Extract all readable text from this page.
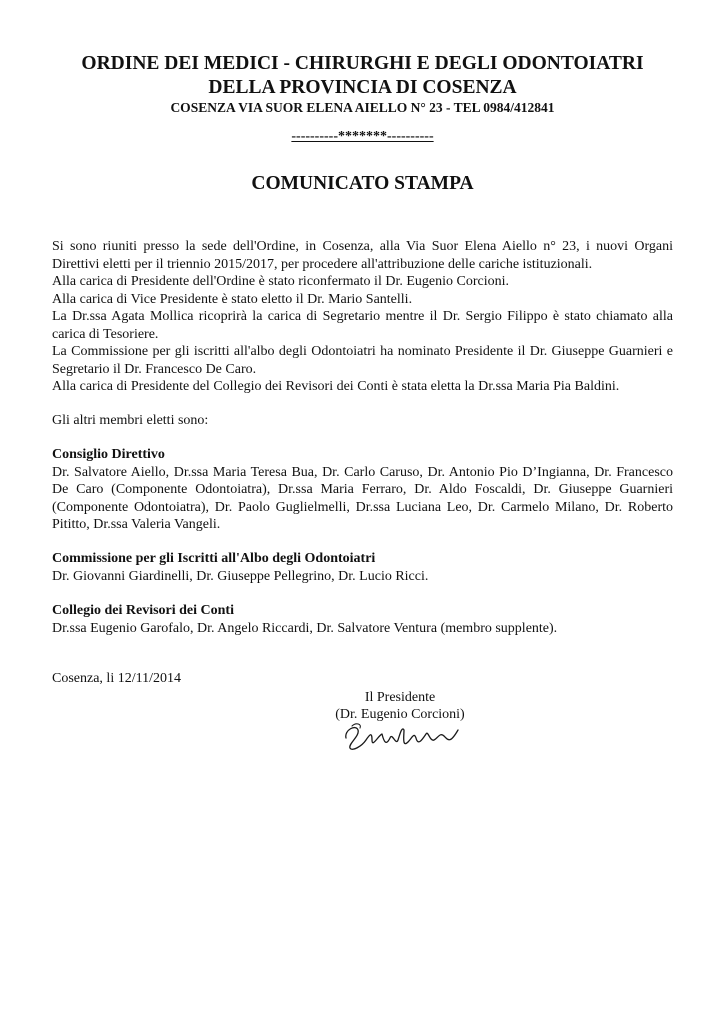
ORDINE DEI MEDICI - CHIRURGHI E DEGLI ODONTOIATRI
DELLA PROVINCIA DI COSENZA
COSENZA VIA SUOR ELENA AIELLO N° 23 - TEL 0984/412841
----------*******----------
COMUNICATO STAMPA

Si sono riuniti presso la sede dell'Ordine, in Cosenza, alla Via Suor Elena Aiello n° 23, i nuovi Organi Direttivi eletti per il triennio 2015/2017, per procedere all'attribuzione delle cariche istituzionali.

Alla carica di Presidente dell'Ordine è stato riconfermato il Dr. Eugenio Corcioni.

Alla carica di Vice Presidente è stato eletto il Dr. Mario Santelli.

La Dr.ssa Agata Mollica ricoprirà la carica di Segretario mentre il Dr. Sergio Filippo è stato chiamato alla carica di Tesoriere.

La Commissione per gli iscritti all'albo degli Odontoiatri ha nominato Presidente il Dr. Giuseppe Guarnieri e Segretario il Dr. Francesco De Caro.

Alla carica di Presidente del Collegio dei Revisori dei Conti è stata eletta la Dr.ssa Maria Pia Baldini.

Gli altri membri eletti sono:

Consiglio Direttivo

Dr. Salvatore Aiello, Dr.ssa Maria Teresa Bua, Dr. Carlo Caruso, Dr. Antonio Pio D’Ingianna, Dr. Francesco De Caro (Componente Odontoiatra), Dr.ssa Maria Ferraro, Dr. Aldo Foscaldi, Dr. Giuseppe Guarnieri (Componente Odontoiatra), Dr. Paolo Guglielmelli, Dr.ssa Luciana Leo, Dr. Carmelo Milano, Dr. Roberto Pititto, Dr.ssa Valeria Vangeli.

Commissione per gli Iscritti all'Albo degli Odontoiatri

Dr. Giovanni Giardinelli, Dr. Giuseppe Pellegrino, Dr. Lucio Ricci.

Collegio dei Revisori dei Conti

Dr.ssa Eugenio Garofalo, Dr. Angelo Riccardi, Dr. Salvatore Ventura (membro supplente).

Cosenza, li 12/11/2014
Il Presidente
(Dr. Eugenio Corcioni)
